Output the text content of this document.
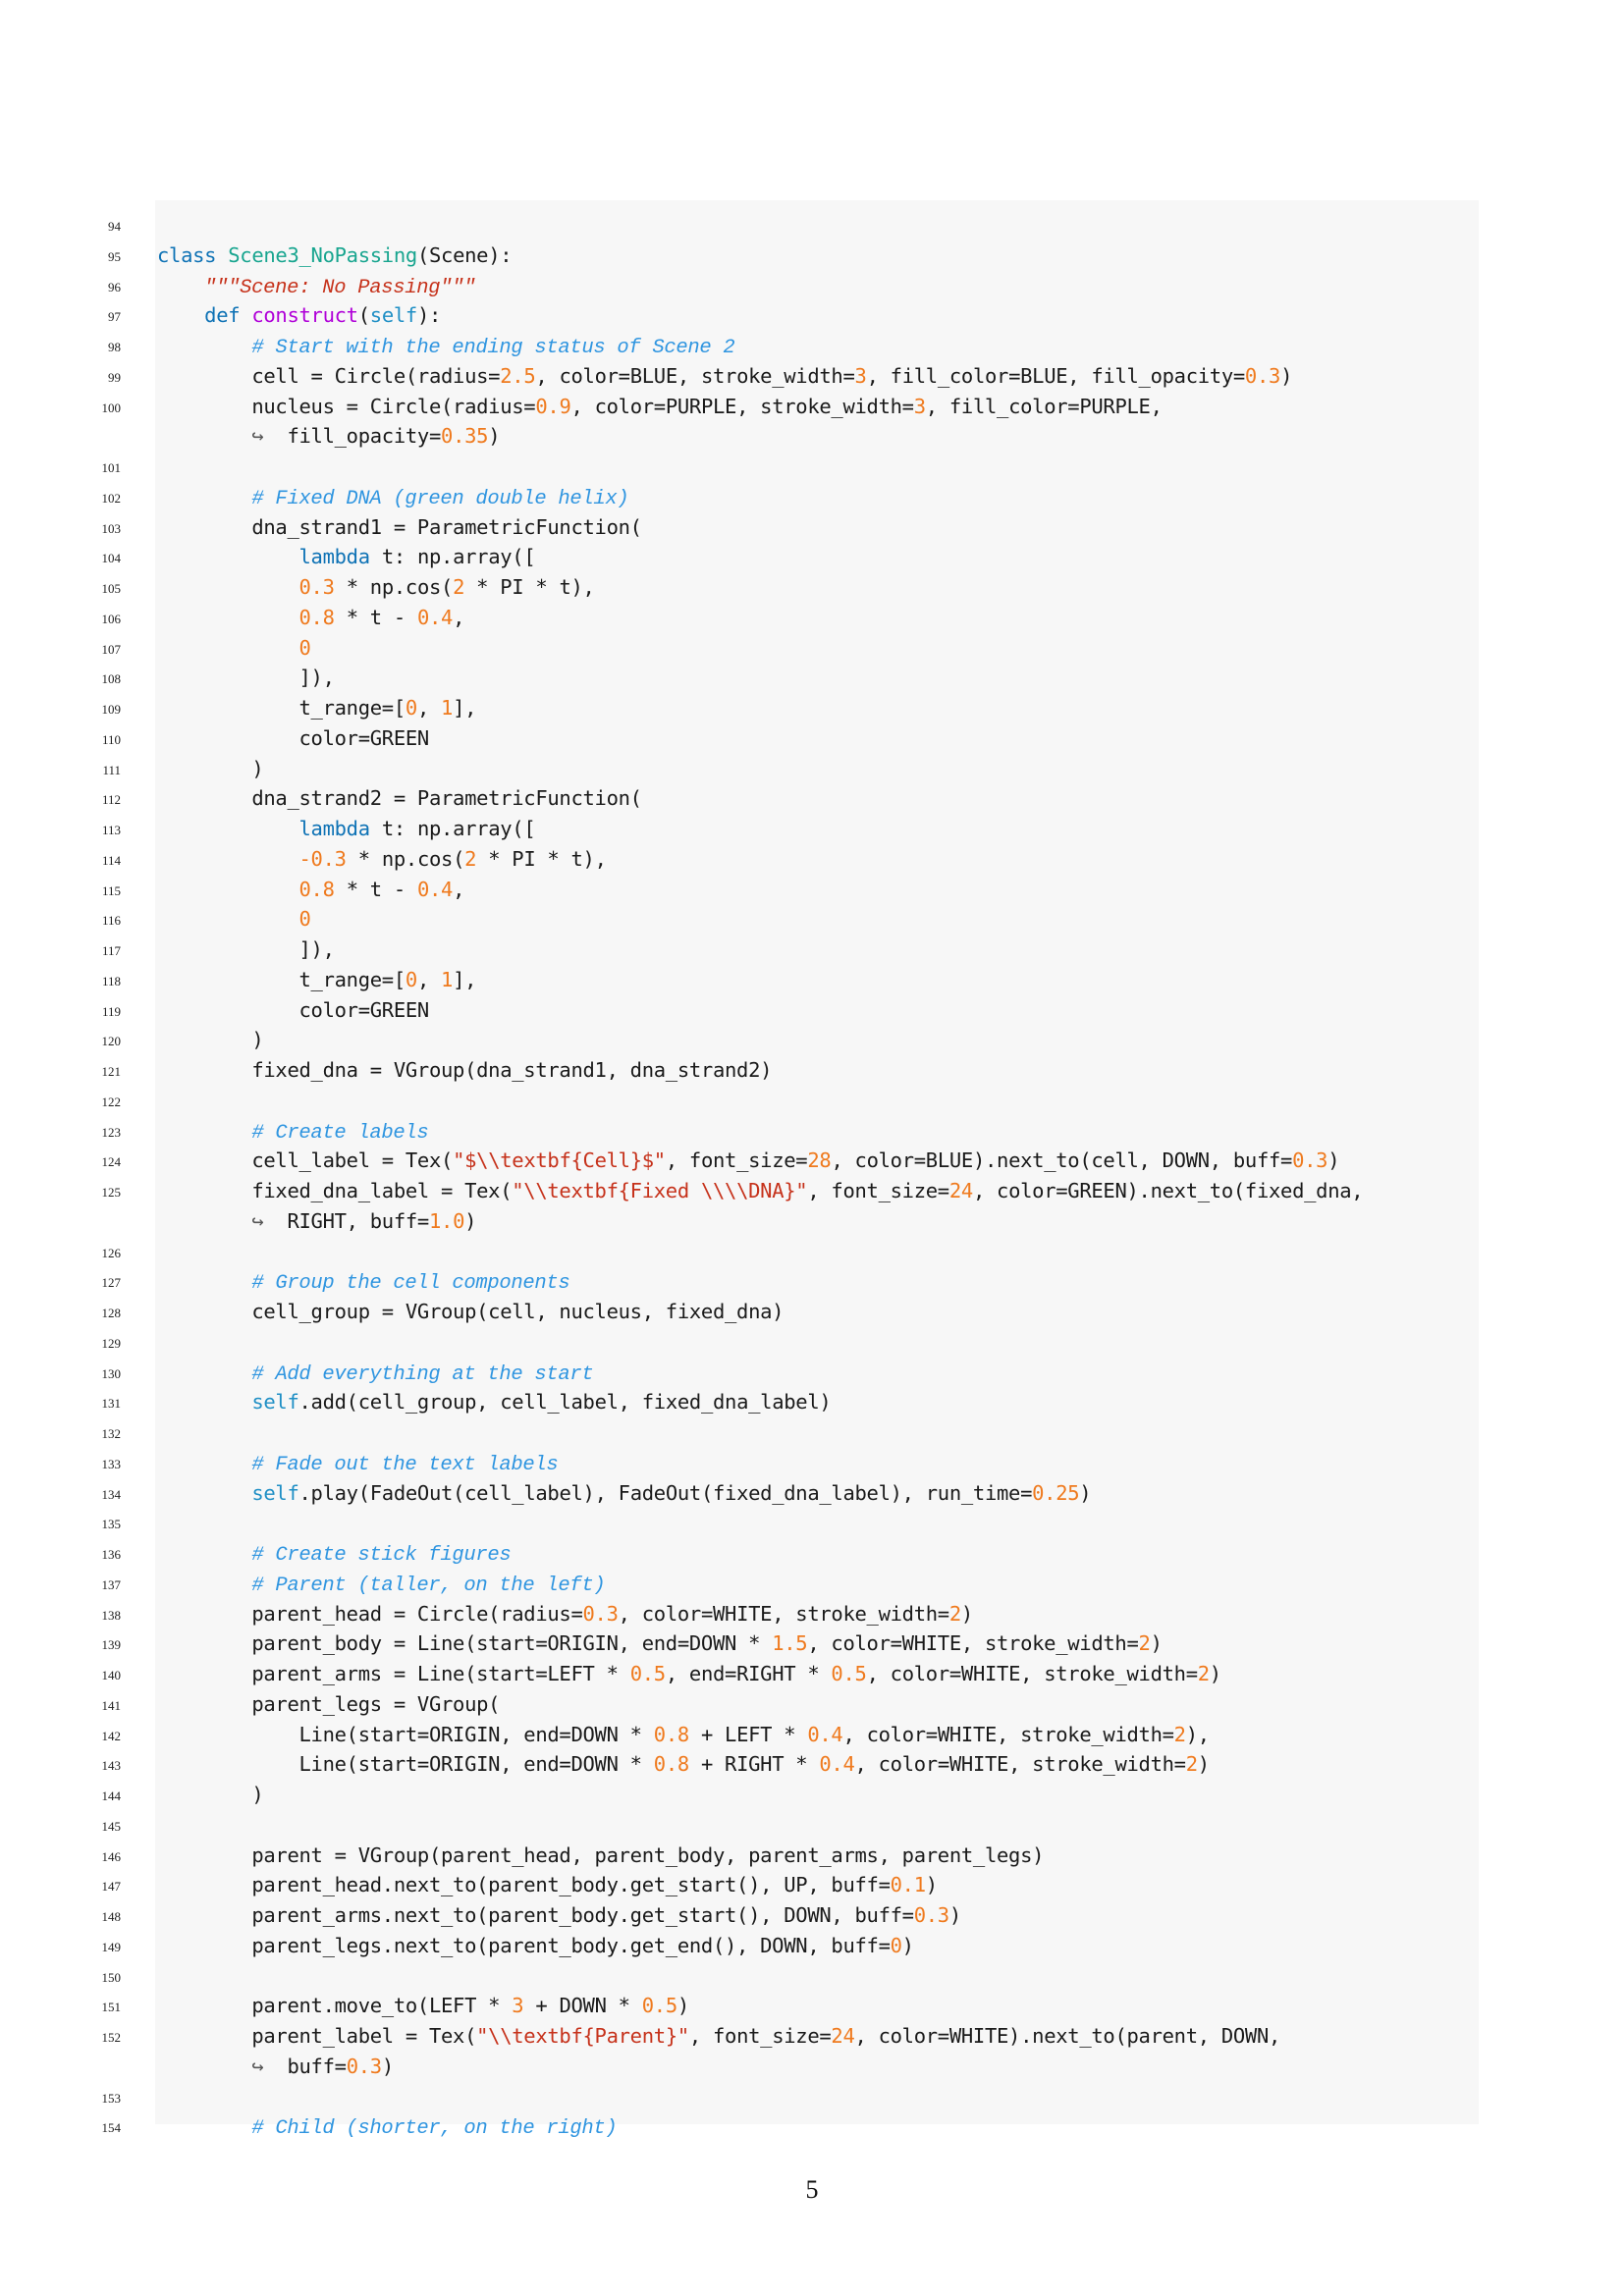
94
95 class Scene3_NoPassing(Scene):
96	"""Scene: No Passing"""
97	def construct(self):
98	# Start with the ending status of Scene 2
99 cell = Circle(radius=2.5, color=BLUE, stroke_width=3, fill_color=BLUE, fill_opacity=0.3)
100 nucleus = Circle(radius=0.9, color=PURPLE, stroke_width=3, fill_color=PURPLE,
↪  fill_opacity=0.35)
101
102	# Fixed DNA (green double helix)
103 dna_strand1 = ParametricFunction(
104	lambda t: np.array([
105	0.3 * np.cos(2 * PI * t),
106	0.8 * t - 0.4,
107	0
108 ]),
109 t_range=[0, 1],
110 color=GREEN
111 )
112 dna_strand2 = ParametricFunction(
113	lambda t: np.array([
114	-0.3 * np.cos(2 * PI * t),
115	0.8 * t - 0.4,
116	0
117 ]),
118 t_range=[0, 1],
119 color=GREEN
120 )
121 fixed_dna = VGroup(dna_strand1, dna_strand2)
122
123	# Create labels
124 cell_label = Tex("$\\textbf{Cell}$", font_size=28, color=BLUE).next_to(cell, DOWN, buff=0.3)
125 fixed_dna_label = Tex("\\textbf{Fixed \\\\DNA}", font_size=24, color=GREEN).next_to(fixed_dna,
↪  RIGHT, buff=1.0)
126
127	# Group the cell components
128 cell_group = VGroup(cell, nucleus, fixed_dna)
129
130	# Add everything at the start
131	self.add(cell_group, cell_label, fixed_dna_label)
132
133	# Fade out the text labels
134	self.play(FadeOut(cell_label), FadeOut(fixed_dna_label), run_time=0.25)
135
136	# Create stick figures
137	# Parent (taller, on the left)
138 parent_head = Circle(radius=0.3, color=WHITE, stroke_width=2)
139 parent_body = Line(start=ORIGIN, end=DOWN * 1.5, color=WHITE, stroke_width=2)
140 parent_arms = Line(start=LEFT * 0.5, end=RIGHT * 0.5, color=WHITE, stroke_width=2)
141 parent_legs = VGroup(
142 Line(start=ORIGIN, end=DOWN * 0.8 + LEFT * 0.4, color=WHITE, stroke_width=2),
143 Line(start=ORIGIN, end=DOWN * 0.8 + RIGHT * 0.4, color=WHITE, stroke_width=2)
144 )
145
146 parent = VGroup(parent_head, parent_body, parent_arms, parent_legs)
147 parent_head.next_to(parent_body.get_start(), UP, buff=0.1)
148 parent_arms.next_to(parent_body.get_start(), DOWN, buff=0.3)
149 parent_legs.next_to(parent_body.get_end(), DOWN, buff=0)
150
151 parent.move_to(LEFT * 3 + DOWN * 0.5)
152 parent_label = Tex("\\textbf{Parent}", font_size=24, color=WHITE).next_to(parent, DOWN,
↪  buff=0.3)
153
154	# Child (shorter, on the right)
5
